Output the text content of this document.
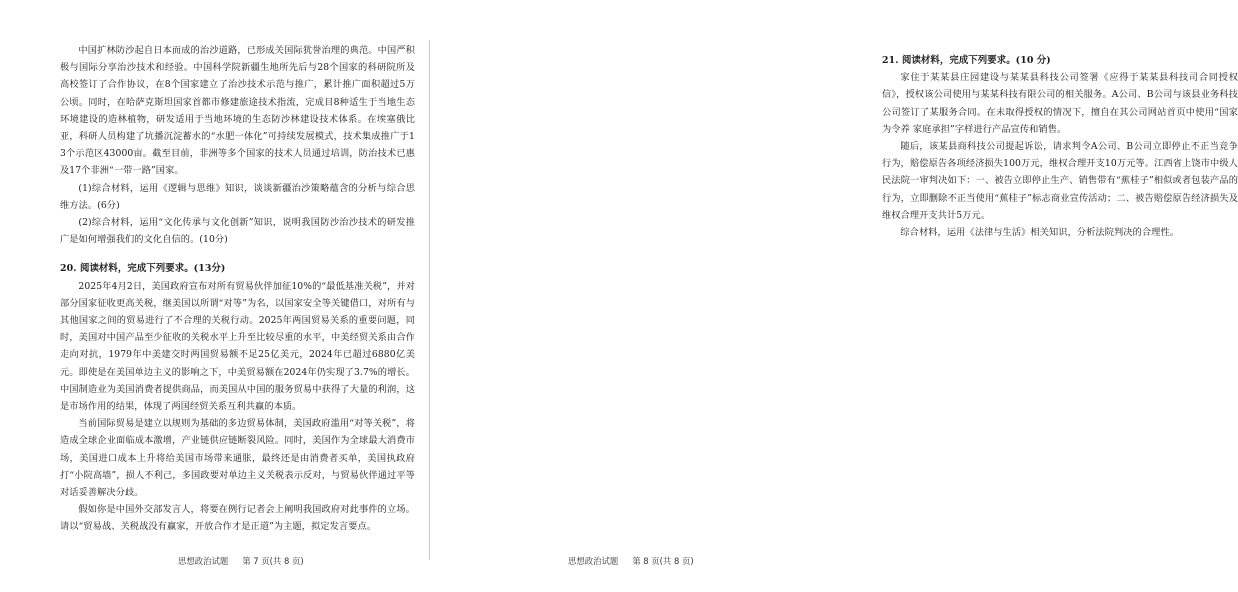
中国扩林防沙起自日本而成的治沙道路，已形成关国际犹誉治理的典范。中国严积极与国际分享治沙技术和经验。中国科学院新疆生地所先后与28个国家的科研院所及高校签订了合作协议，在8个国家建立了治沙技术示范与推广，累计推广面积超过5万公顷。同时，在哈萨克斯坦国家首都市修建旅途技术指流，完成目8种适生于当地生态环境建设的造林植物，研发适用于当地环境的生态防沙林建设技术体系。在埃塞俄比亚，科研人员构建了坑播沉淀蓄水的“水肥一体化”可持续发展模式，技术集成推广于13个示范区43000亩。截至目前，非洲等多个国家的技术人员通过培训，防治技术已惠及17个非洲“一带一路”国家。

(1)综合材料，运用《逻辑与思维》知识，谈谈新疆治沙策略蕴含的分析与综合思维方法。(6分)

(2)综合材料，运用“文化传承与文化创新”知识，说明我国防沙治沙技术的研发推广是如何增强我们的文化自信的。(10分)

20. 阅读材料，完成下列要求。(13分)

2025年4月2日，美国政府宣布对所有贸易伙伴加征10%的“最低基准关税”，并对部分国家征收更高关税，继美国以所谓“对等”为名，以国家安全等关键借口，对所有与其他国家之间的贸易进行了不合理的关税行动。2025年两国贸易关系的重要问题，同时，美国对中国产品至少征收的关税水平上升至比较尽重的水平，中美经贸关系由合作走向对抗，1979年中美建交时两国贸易额不足25亿美元，2024年已超过6880亿美元。即使是在美国单边主义的影响之下，中美贸易额在2024年仍实现了3.7%的增长。中国制造业为美国消费者提供商品，而美国从中国的服务贸易中获得了大量的利润，这是市场作用的结果，体现了两国经贸关系互利共赢的本质。

当前国际贸易是建立以规则为基础的多边贸易体制，美国政府滥用“对等关税”，将造成全球企业面临成本激增，产业链供应链断裂风险。同时，美国作为全球最大消费市场，美国进口成本上升将给美国市场带来通胀，最终还是由消费者买单，美国执政府打“小院高墙”，损人不利己，多国政要对单边主义关税表示反对，与贸易伙伴通过平等对话妥善解决分歧。

假如你是中国外交部发言人，将要在例行记者会上阐明我国政府对此事件的立场。请以“贸易战、关税战没有赢家，开放合作才是正道”为主题，拟定发言要点。

思想政治试题 第 7 页(共 8 页)

21. 阅读材料，完成下列要求。(10 分)

家住于某某县庄园建设与某某县科技公司签署《应得于某某县科技司合同授权信》，授权该公司使用与某某科技有限公司的相关服务。A公司、B公司与该县业务科技公司签订了某服务合同。在未取得授权的情况下，擅自在其公司网站首页中使用“国家为令养 家庭承担”字样进行产品宣传和销售。

随后，该某县商科技公司提起诉讼，请求判令A公司、B公司立即停止不正当竞争行为，赔偿原告各项经济损失100万元，维权合理开支10万元等。江西省上饶市中级人民法院一审判决如下：一、被告立即停止生产、销售带有“蕉桂子”相似或者包装产品的行为，立即删除不正当使用“蕉桂子”标志商业宣传活动；二、被告赔偿原告经济损失及维权合理开支共计5万元。

综合材料，运用《法律与生活》相关知识，分析法院判决的合理性。

思想政治试题 第 8 页(共 8 页)
